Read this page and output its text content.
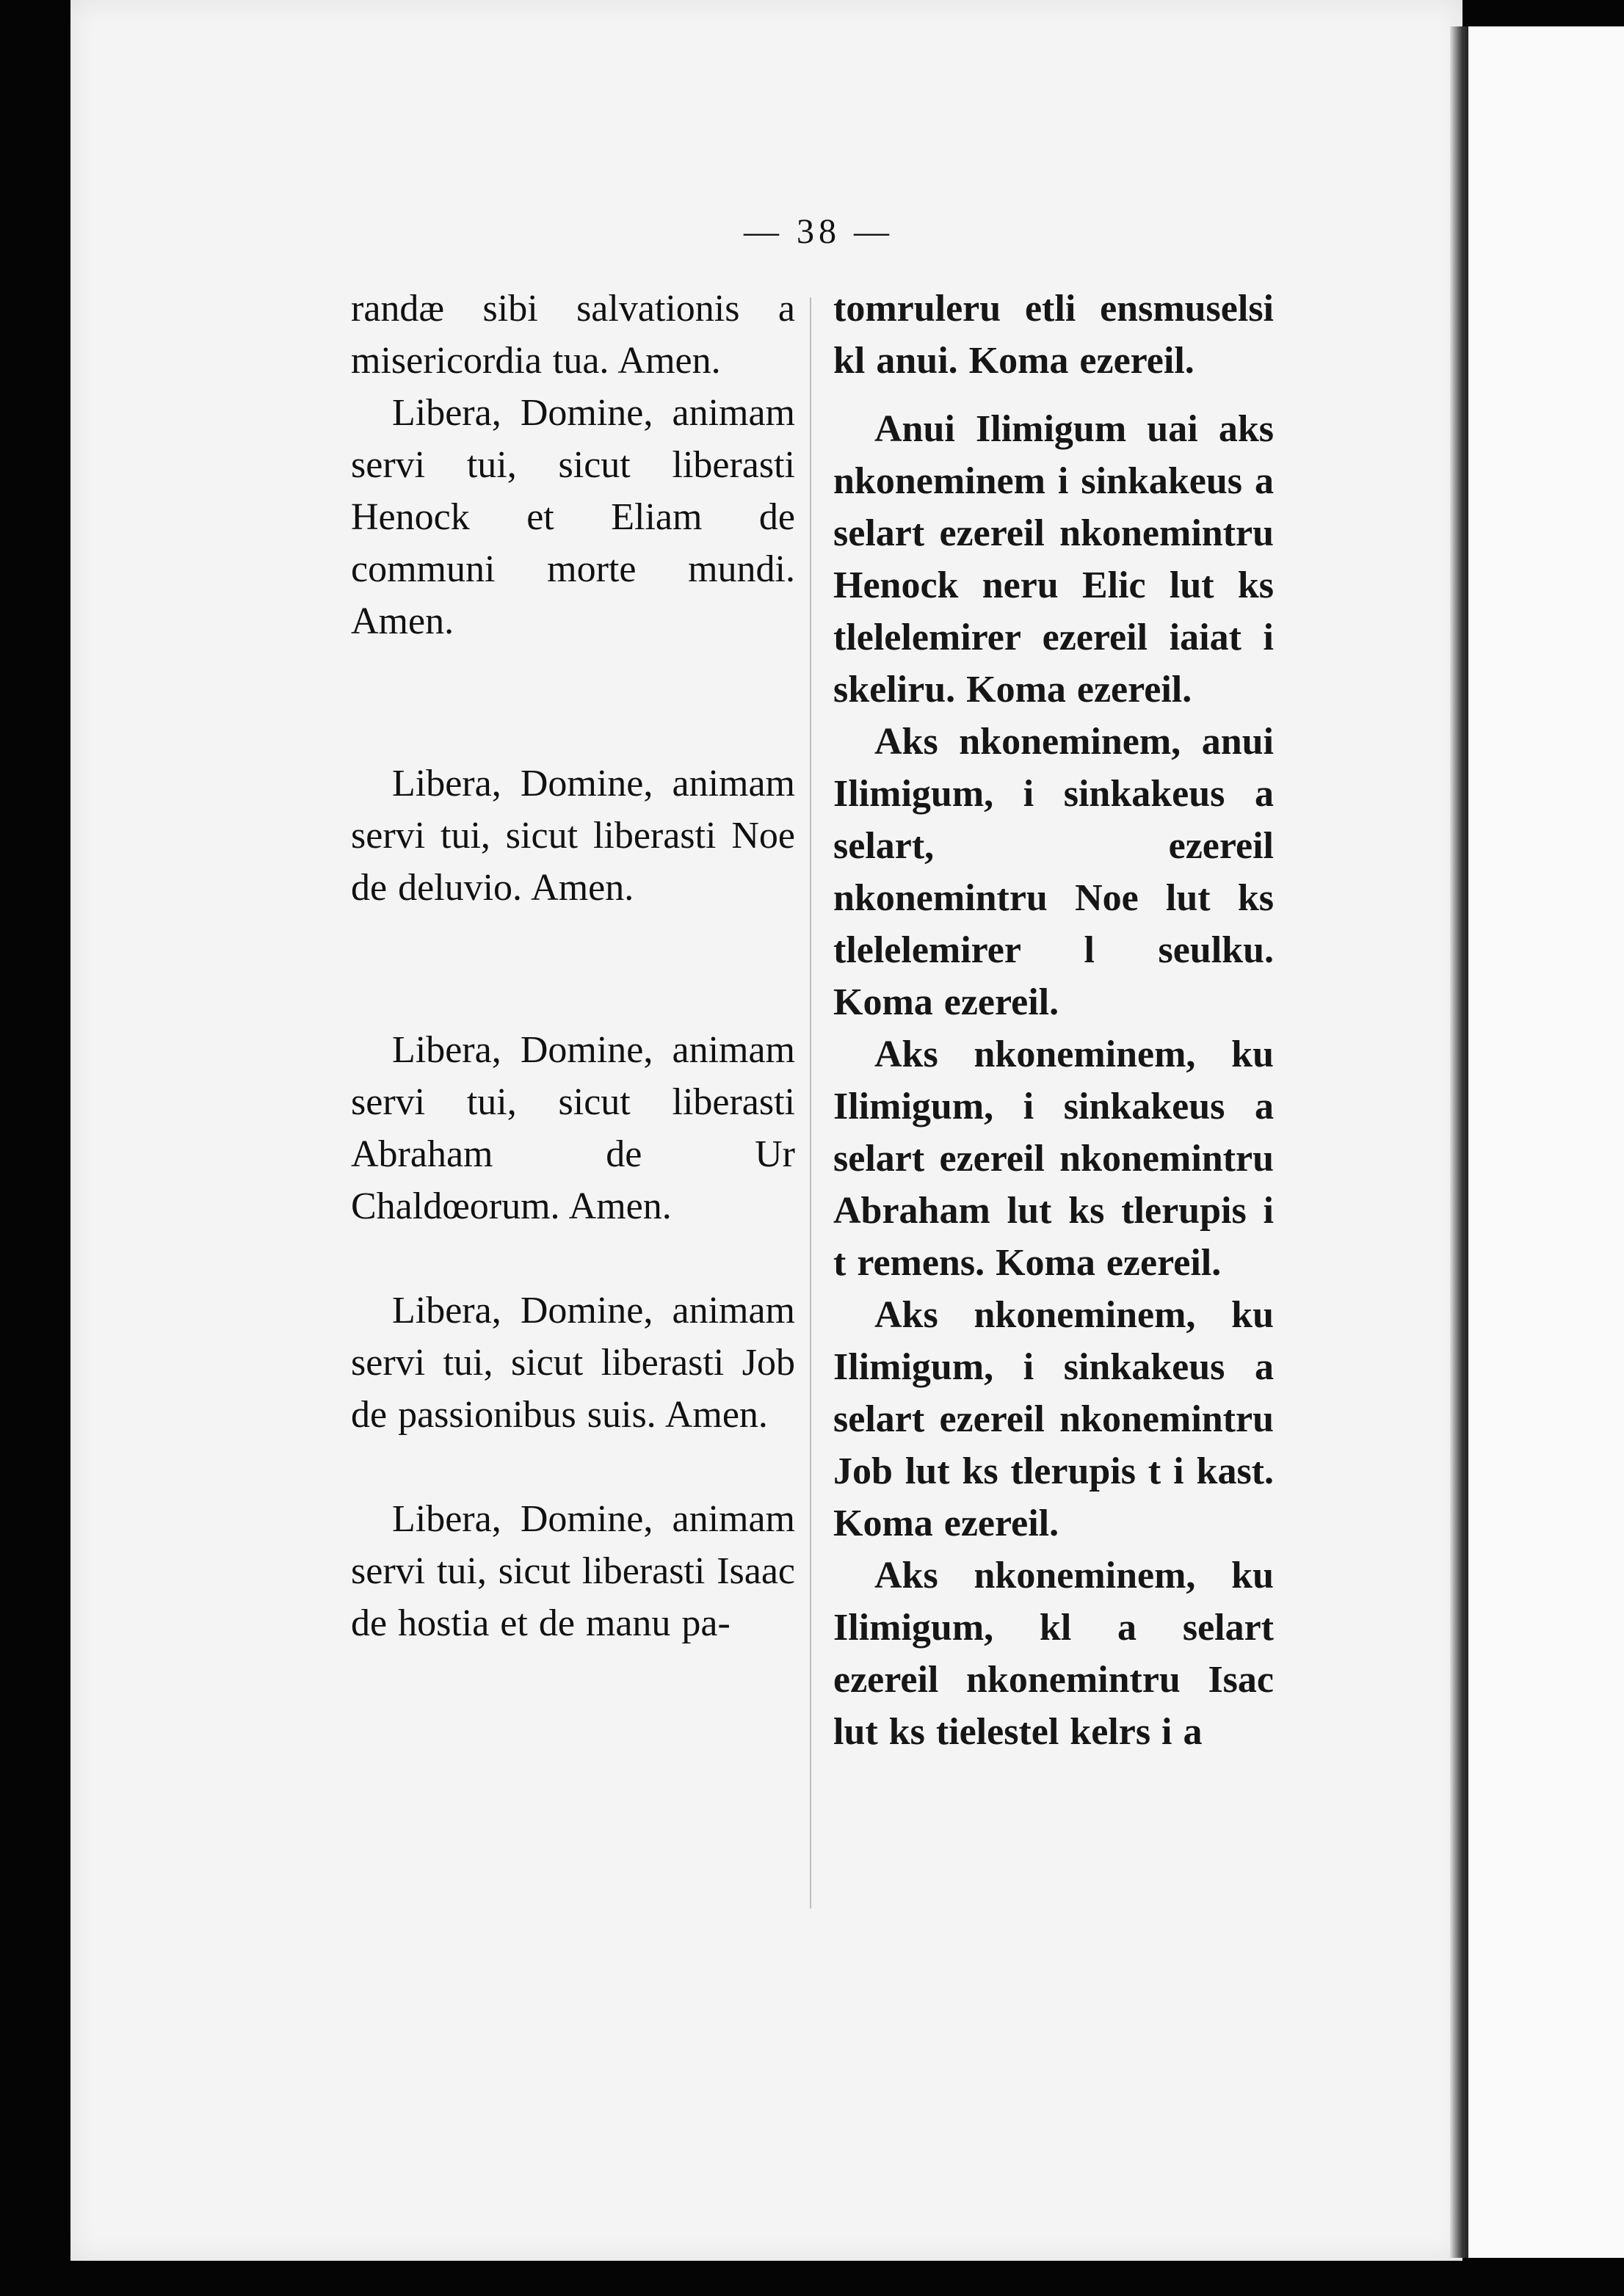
— 38 —

randæ sibi salvationis a misericordia tua. Amen.

Libera, Domine, animam servi tui, sicut liberasti Henock et Eliam de communi morte mundi. Amen.

Libera, Domine, animam servi tui, sicut liberasti Noe de deluvio. Amen.

Libera, Domine, animam servi tui, sicut liberasti Abraham de Ur Chaldœorum. Amen.

Libera, Domine, animam servi tui, sicut liberasti Job de passionibus suis. Amen.

Libera, Domine, animam servi tui, sicut liberasti Isaac de hostia et de manu pa-

tomruleru etli ensmuselsi kl anui. Koma ezereil.

Anui Ilimigum uai aks nkoneminem i sinkakeus a selart ezereil nkonemintru Henock neru Elic lut ks tlelelemirer ezereil iaiat i skeliru. Koma ezereil.

Aks nkoneminem, anui Ilimigum, i sinkakeus a selart, ezereil nkonemintru Noe lut ks tlelelemirer l seulku. Koma ezereil.

Aks nkoneminem, ku Ilimigum, i sinkakeus a selart ezereil nkonemintru Abraham lut ks tlerupis i t remens. Koma ezereil.

Aks nkoneminem, ku Ilimigum, i sinkakeus a selart ezereil nkonemintru Job lut ks tlerupis t i kast. Koma ezereil.

Aks nkoneminem, ku Ilimigum, kl a selart ezereil nkonemintru Isac lut ks tielestel kelrs i a
